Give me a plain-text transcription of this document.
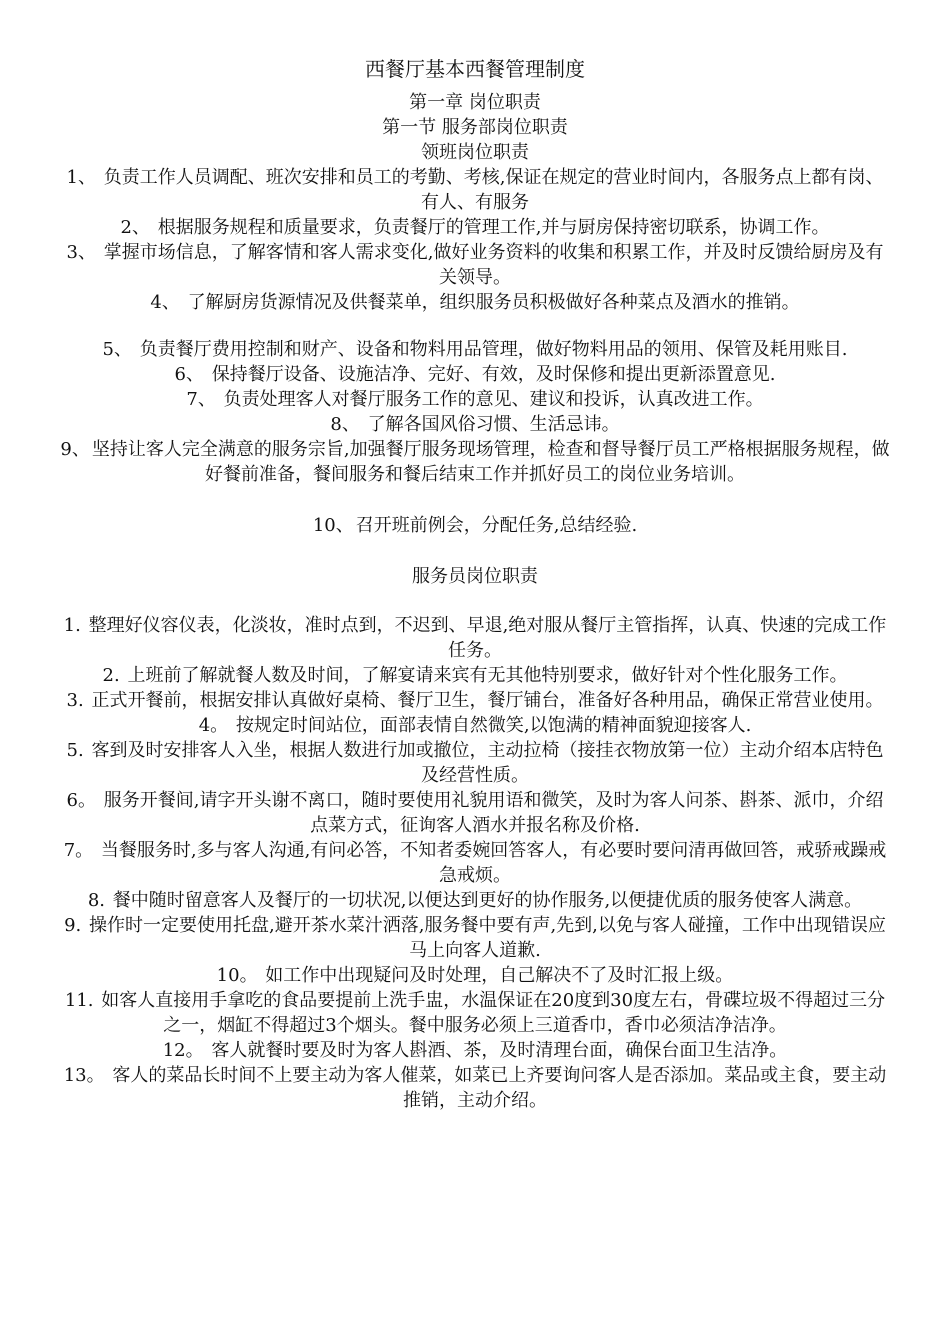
西餐厅基本西餐管理制度

第一章 岗位职责

第一节 服务部岗位职责

领班岗位职责

1、 负责工作人员调配、班次安排和员工的考勤、考核,保证在规定的营业时间内，各服务点上都有岗、有人、有服务

2、 根据服务规程和质量要求，负责餐厅的管理工作,并与厨房保持密切联系，协调工作。

3、 掌握市场信息，了解客情和客人需求变化,做好业务资料的收集和积累工作，并及时反馈给厨房及有关领导。

4、 了解厨房货源情况及供餐菜单，组织服务员积极做好各种菜点及酒水的推销。

5、 负责餐厅费用控制和财产、设备和物料用品管理，做好物料用品的领用、保管及耗用账目.

6、 保持餐厅设备、设施洁净、完好、有效，及时保修和提出更新添置意见.

7、 负责处理客人对餐厅服务工作的意见、建议和投诉，认真改进工作。

8、 了解各国风俗习惯、生活忌讳。

9、 坚持让客人完全满意的服务宗旨,加强餐厅服务现场管理，检查和督导餐厅员工严格根据服务规程，做好餐前准备，餐间服务和餐后结束工作并抓好员工的岗位业务培训。

10、 召开班前例会，分配任务,总结经验.

服务员岗位职责

1. 整理好仪容仪表，化淡妆，准时点到，不迟到、早退,绝对服从餐厅主管指挥，认真、快速的完成工作任务。

2. 上班前了解就餐人数及时间，了解宴请来宾有无其他特别要求，做好针对个性化服务工作。

3. 正式开餐前，根据安排认真做好桌椅、餐厅卫生，餐厅铺台，准备好各种用品，确保正常营业使用。

4。 按规定时间站位，面部表情自然微笑,以饱满的精神面貌迎接客人.

5. 客到及时安排客人入坐，根据人数进行加或撤位，主动拉椅（接挂衣物放第一位）主动介绍本店特色及经营性质。

6。 服务开餐间,请字开头谢不离口，随时要使用礼貌用语和微笑，及时为客人问茶、斟茶、派巾，介绍点菜方式，征询客人酒水并报名称及价格.

7。 当餐服务时,多与客人沟通,有问必答，不知者委婉回答客人，有必要时要问清再做回答，戒骄戒躁戒急戒烦。

8. 餐中随时留意客人及餐厅的一切状况,以便达到更好的协作服务,以便捷优质的服务使客人满意。

9. 操作时一定要使用托盘,避开茶水菜汁洒落,服务餐中要有声,先到,以免与客人碰撞，工作中出现错误应马上向客人道歉.

10。 如工作中出现疑问及时处理，自己解决不了及时汇报上级。

11. 如客人直接用手拿吃的食品要提前上洗手盅，水温保证在20度到30度左右，骨碟垃圾不得超过三分之一，烟缸不得超过3个烟头。餐中服务必须上三道香巾，香巾必须洁净洁净。

12。 客人就餐时要及时为客人斟酒、茶，及时清理台面，确保台面卫生洁净。

13。 客人的菜品长时间不上要主动为客人催菜，如菜已上齐要询问客人是否添加。菜品或主食，要主动推销，主动介绍。
